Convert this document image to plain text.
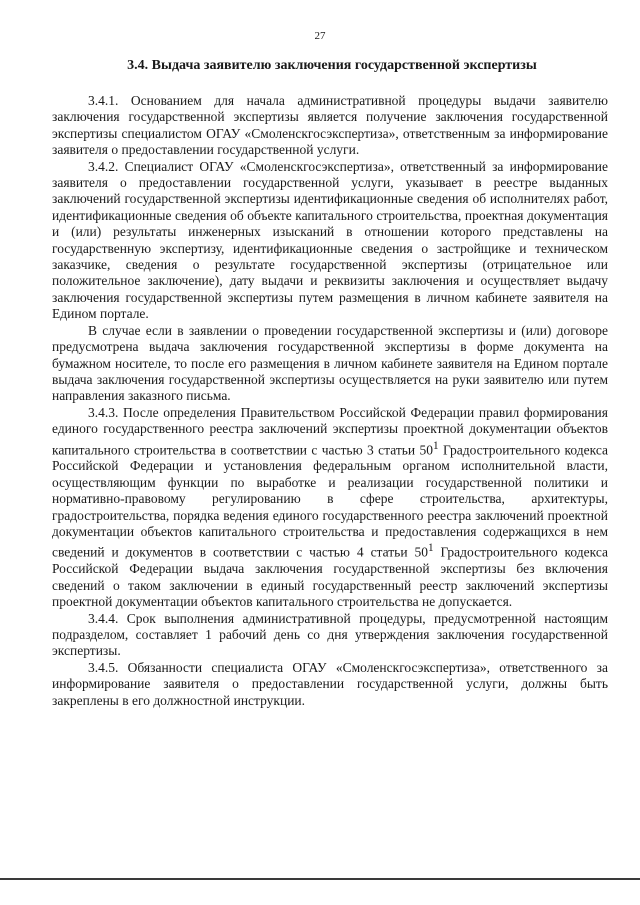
27
3.4. Выдача заявителю заключения государственной экспертизы

3.4.1. Основанием для начала административной процедуры выдачи заявителю заключения государственной экспертизы является получение заключения государственной экспертизы специалистом ОГАУ «Смоленскгосэкспертиза», ответственным за информирование заявителя о предоставлении государственной услуги.

3.4.2. Специалист ОГАУ «Смоленскгосэкспертиза», ответственный за информирование заявителя о предоставлении государственной услуги, указывает в реестре выданных заключений государственной экспертизы идентификационные сведения об исполнителях работ, идентификационные сведения об объекте капитального строительства, проектная документация и (или) результаты инженерных изысканий в отношении которого представлены на государственную экспертизу, идентификационные сведения о застройщике и техническом заказчике, сведения о результате государственной экспертизы (отрицательное или положительное заключение), дату выдачи и реквизиты заключения и осуществляет выдачу заключения государственной экспертизы путем размещения в личном кабинете заявителя на Едином портале.

В случае если в заявлении о проведении государственной экспертизы и (или) договоре предусмотрена выдача заключения государственной экспертизы в форме документа на бумажном носителе, то после его размещения в личном кабинете заявителя на Едином портале выдача заключения государственной экспертизы осуществляется на руки заявителю или путем направления заказного письма.

3.4.3. После определения Правительством Российской Федерации правил формирования единого государственного реестра заключений экспертизы проектной документации объектов капитального строительства в соответствии с частью 3 статьи $50^1$ Градостроительного кодекса Российской Федерации и установления федеральным органом исполнительной власти, осуществляющим функции по выработке и реализации государственной политики и нормативно-правовому регулированию в сфере строительства, архитектуры, градостроительства, порядка ведения единого государственного реестра заключений проектной документации объектов капитального строительства и предоставления содержащихся в нем сведений и документов в соответствии с частью 4 статьи $50^1$ Градостроительного кодекса Российской Федерации выдача заключения государственной экспертизы без включения сведений о таком заключении в единый государственный реестр заключений экспертизы проектной документации объектов капитального строительства не допускается.

3.4.4. Срок выполнения административной процедуры, предусмотренной настоящим подразделом, составляет 1 рабочий день со дня утверждения заключения государственной экспертизы.

3.4.5. Обязанности специалиста ОГАУ «Смоленскгосэкспертиза», ответственного за информирование заявителя о предоставлении государственной услуги, должны быть закреплены в его должностной инструкции.
